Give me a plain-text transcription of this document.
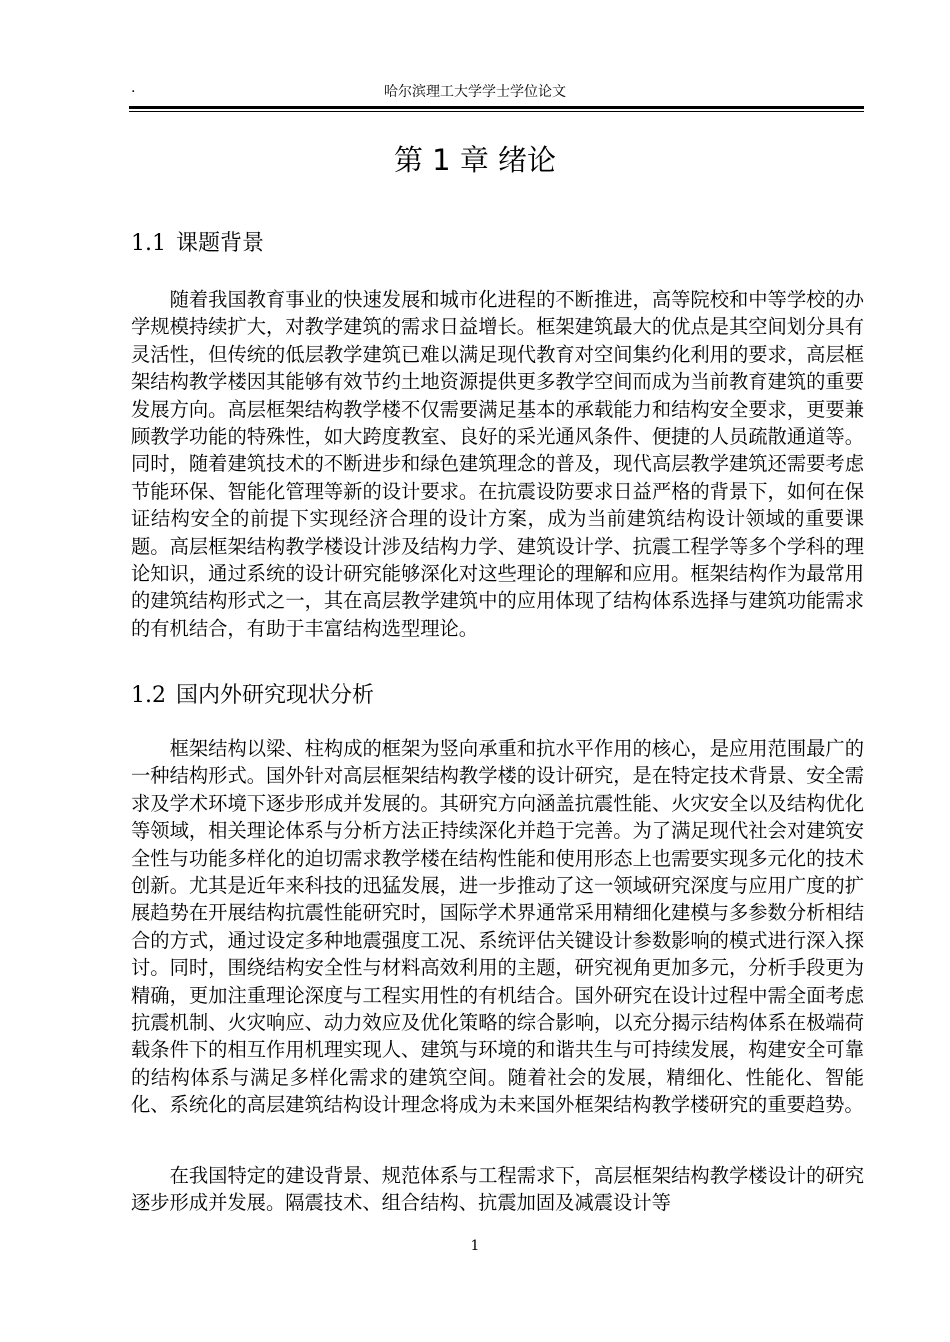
.	哈尔滨理工大学学士学位论文
第 1 章 绪论
1.1 课题背景

随着我国教育事业的快速发展和城市化进程的不断推进，高等院校和中等学校的办学规模持续扩大，对教学建筑的需求日益增长。框架建筑最大的优点是其空间划分具有灵活性，但传统的低层教学建筑已难以满足现代教育对空间集约化利用的要求，高层框架结构教学楼因其能够有效节约土地资源提供更多教学空间而成为当前教育建筑的重要发展方向。高层框架结构教学楼不仅需要满足基本的承载能力和结构安全要求，更要兼顾教学功能的特殊性，如大跨度教室、良好的采光通风条件、便捷的人员疏散通道等。同时，随着建筑技术的不断进步和绿色建筑理念的普及，现代高层教学建筑还需要考虑节能环保、智能化管理等新的设计要求。在抗震设防要求日益严格的背景下，如何在保证结构安全的前提下实现经济合理的设计方案，成为当前建筑结构设计领域的重要课题。高层框架结构教学楼设计涉及结构力学、建筑设计学、抗震工程学等多个学科的理论知识，通过系统的设计研究能够深化对这些理论的理解和应用。框架结构作为最常用的建筑结构形式之一，其在高层教学建筑中的应用体现了结构体系选择与建筑功能需求的有机结合，有助于丰富结构选型理论。

1.2 国内外研究现状分析

框架结构以梁、柱构成的框架为竖向承重和抗水平作用的核心，是应用范围最广的一种结构形式。国外针对高层框架结构教学楼的设计研究，是在特定技术背景、安全需求及学术环境下逐步形成并发展的。其研究方向涵盖抗震性能、火灾安全以及结构优化等领域，相关理论体系与分析方法正持续深化并趋于完善。为了满足现代社会对建筑安全性与功能多样化的迫切需求教学楼在结构性能和使用形态上也需要实现多元化的技术创新。尤其是近年来科技的迅猛发展，进一步推动了这一领域研究深度与应用广度的扩展趋势在开展结构抗震性能研究时，国际学术界通常采用精细化建模与多参数分析相结合的方式，通过设定多种地震强度工况、系统评估关键设计参数影响的模式进行深入探讨。同时，围绕结构安全性与材料高效利用的主题，研究视角更加多元，分析手段更为精确，更加注重理论深度与工程实用性的有机结合。国外研究在设计过程中需全面考虑抗震机制、火灾响应、动力效应及优化策略的综合影响，以充分揭示结构体系在极端荷载条件下的相互作用机理实现人、建筑与环境的和谐共生与可持续发展，构建安全可靠的结构体系与满足多样化需求的建筑空间。随着社会的发展，精细化、性能化、智能化、系统化的高层建筑结构设计理念将成为未来国外框架结构教学楼研究的重要趋势。

在我国特定的建设背景、规范体系与工程需求下，高层框架结构教学楼设计的研究逐步形成并发展。隔震技术、组合结构、抗震加固及减震设计等

1
